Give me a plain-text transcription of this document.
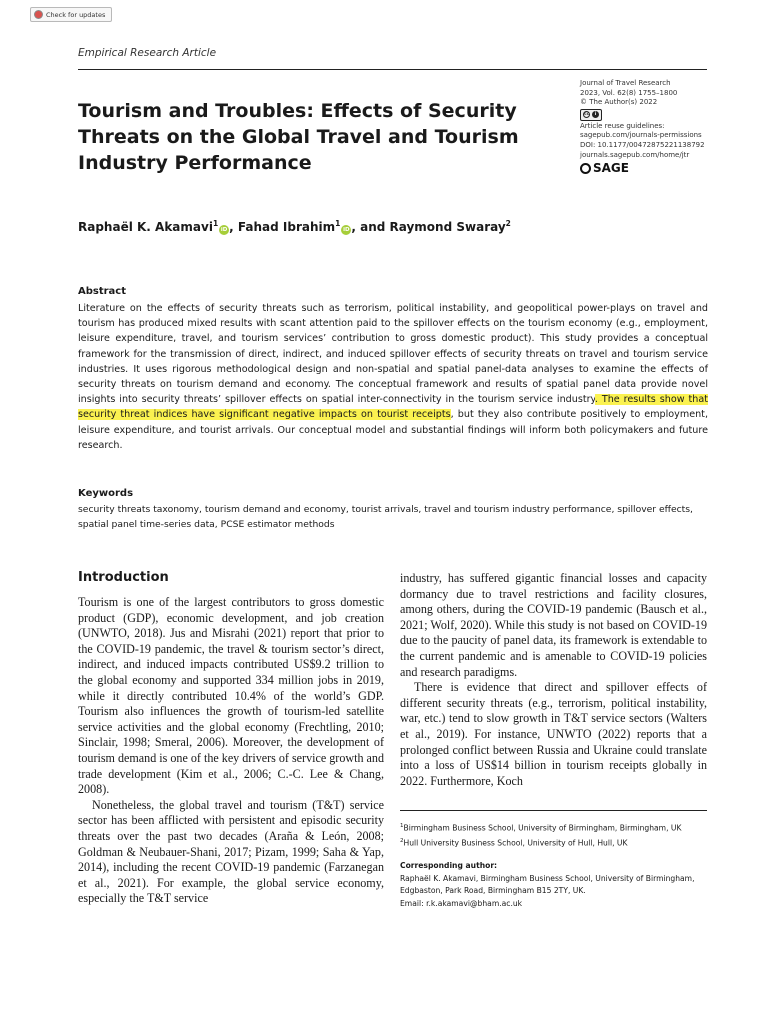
Check for updates
Empirical Research Article
Tourism and Troubles: Effects of Security Threats on the Global Travel and Tourism Industry Performance
Journal of Travel Research
2023, Vol. 62(8) 1755–1800
© The Author(s) 2022
cc	i
Article reuse guidelines:
sagepub.com/journals-permissions
DOI: 10.1177/00472875221138792
journals.sagepub.com/home/jtr
SAGE
Raphaël K. Akamavi$^1$iD , Fahad Ibrahim$^1$iD , and Raymond Swaray$^2$
Abstract

Literature on the effects of security threats such as terrorism, political instability, and geopolitical power-plays on travel and tourism has produced mixed results with scant attention paid to the spillover effects on the tourism economy (e.g., employment, leisure expenditure, travel, and tourism services’ contribution to gross domestic product). This study provides a conceptual framework for the transmission of direct, indirect, and induced spillover effects of security threats on travel and tourism service industries. It uses rigorous methodological design and non-spatial and spatial panel-data analyses to examine the effects of security threats on tourism demand and economy. The conceptual framework and results of spatial panel data provide novel insights into security threats’ spillover effects on spatial inter-connectivity in the tourism service industry. The results show that security threat indices have significant negative impacts on tourist receipts, but they also contribute positively to employment, leisure expenditure, and tourist arrivals. Our conceptual model and substantial findings will inform both policymakers and future research.

Keywords

security threats taxonomy, tourism demand and economy, tourist arrivals, travel and tourism industry performance, spillover effects, spatial panel time-series data, PCSE estimator methods

Introduction

Tourism is one of the largest contributors to gross domestic product (GDP), economic development, and job creation (UNWTO, 2018). Jus and Misrahi (2021) report that prior to the COVID-19 pandemic, the travel & tourism sector’s direct, indirect, and induced impacts contributed US$9.2 trillion to the global economy and supported 334 million jobs in 2019, while it directly contributed 10.4% of the world’s GDP. Tourism also influences the growth of tourism-led satellite service activities and the global economy (Frechtling, 2010; Sinclair, 1998; Smeral, 2006). Moreover, the development of tourism demand is one of the key drivers of service growth and trade development (Kim et al., 2006; C.-C. Lee & Chang, 2008).

Nonetheless, the global travel and tourism (T&T) service sector has been afflicted with persistent and episodic security threats over the past two decades (Araña & León, 2008; Goldman & Neubauer-Shani, 2017; Pizam, 1999; Saha & Yap, 2014), including the recent COVID-19 pandemic (Farzanegan et al., 2021). For example, the global service economy, especially the T&T service

industry, has suffered gigantic financial losses and capacity dormancy due to travel restrictions and facility closures, among others, during the COVID-19 pandemic (Bausch et al., 2021; Wolf, 2020). While this study is not based on COVID-19 due to the paucity of panel data, its framework is extendable to the current pandemic and is amenable to COVID-19 policies and research paradigms.

There is evidence that direct and spillover effects of different security threats (e.g., terrorism, political instability, war, etc.) tend to slow growth in T&T service sectors (Walters et al., 2019). For instance, UNWTO (2022) reports that a prolonged conflict between Russia and Ukraine could translate into a loss of US$14 billion in tourism receipts globally in 2022. Furthermore, Koch

$^1$Birmingham Business School, University of Birmingham, Birmingham, UK
$^2$Hull University Business School, University of Hull, Hull, UK
Corresponding author:
Raphaël K. Akamavi, Birmingham Business School, University of Birmingham,
Edgbaston, Park Road, Birmingham B15 2TY, UK.
Email: r.k.akamavi@bham.ac.uk
